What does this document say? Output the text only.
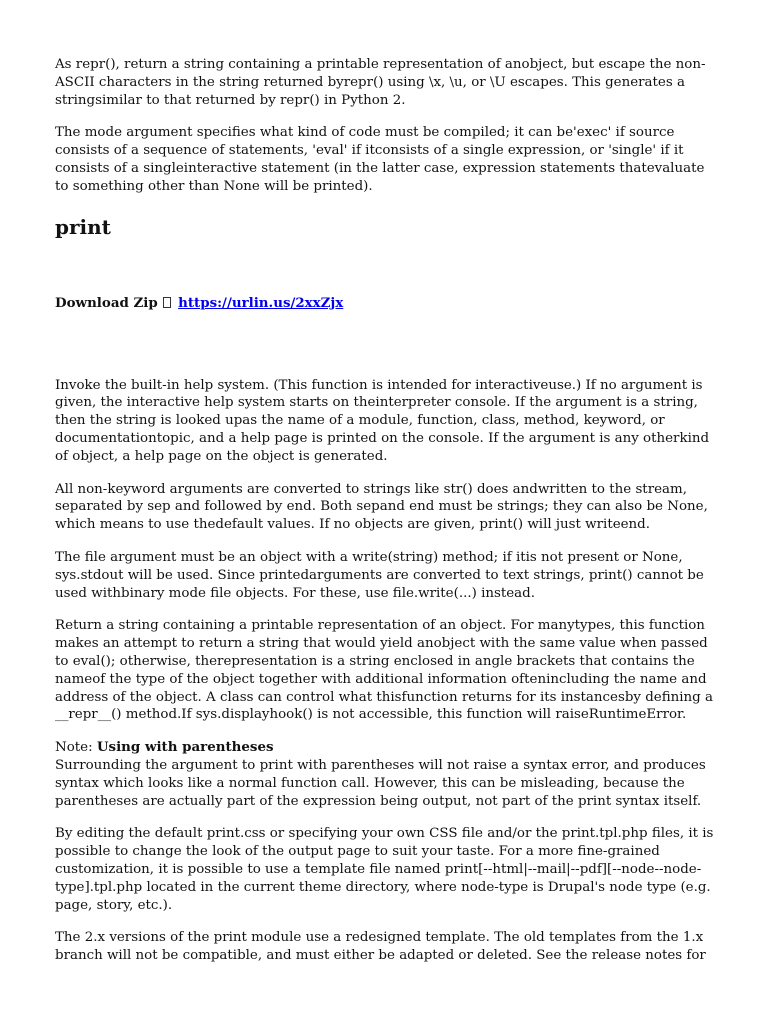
As repr(), return a string containing a printable representation of anobject, but escape the non-ASCII characters in the string returned byrepr() using \x, \u, or \U escapes. This generates a stringsimilar to that returned by repr() in Python 2.

The mode argument specifies what kind of code must be compiled; it can be'exec' if source consists of a sequence of statements, 'eval' if itconsists of a single expression, or 'single' if it consists of a singleinteractive statement (in the latter case, expression statements thatevaluate to something other than None will be printed).

print
Download Zip https://urlin.us/2xxZjx

Invoke the built-in help system. (This function is intended for interactiveuse.) If no argument is given, the interactive help system starts on theinterpreter console. If the argument is a string, then the string is looked upas the name of a module, function, class, method, keyword, or documentationtopic, and a help page is printed on the console. If the argument is any otherkind of object, a help page on the object is generated.

All non-keyword arguments are converted to strings like str() does andwritten to the stream, separated by sep and followed by end. Both sepand end must be strings; they can also be None, which means to use thedefault values. If no objects are given, print() will just writeend.

The file argument must be an object with a write(string) method; if itis not present or None, sys.stdout will be used. Since printedarguments are converted to text strings, print() cannot be used withbinary mode file objects. For these, use file.write(...) instead.

Return a string containing a printable representation of an object. For manytypes, this function makes an attempt to return a string that would yield anobject with the same value when passed to eval(); otherwise, therepresentation is a string enclosed in angle brackets that contains the nameof the type of the object together with additional information oftenincluding the name and address of the object. A class can control what thisfunction returns for its instancesby defining a __repr__() method.If sys.displayhook() is not accessible, this function will raiseRuntimeError.

Note: Using with parentheses
Surrounding the argument to print with parentheses will not raise a syntax error, and produces syntax which looks like a normal function call. However, this can be misleading, because the parentheses are actually part of the expression being output, not part of the print syntax itself.

By editing the default print.css or specifying your own CSS file and/or the print.tpl.php files, it is possible to change the look of the output page to suit your taste. For a more fine-grained customization, it is possible to use a template file named print[--html|--mail|--pdf][--node--node-type].tpl.php located in the current theme directory, where node-type is Drupal's node type (e.g. page, story, etc.).

The 2.x versions of the print module use a redesigned template. The old templates from the 1.x branch will not be compatible, and must either be adapted or deleted. See the release notes for
